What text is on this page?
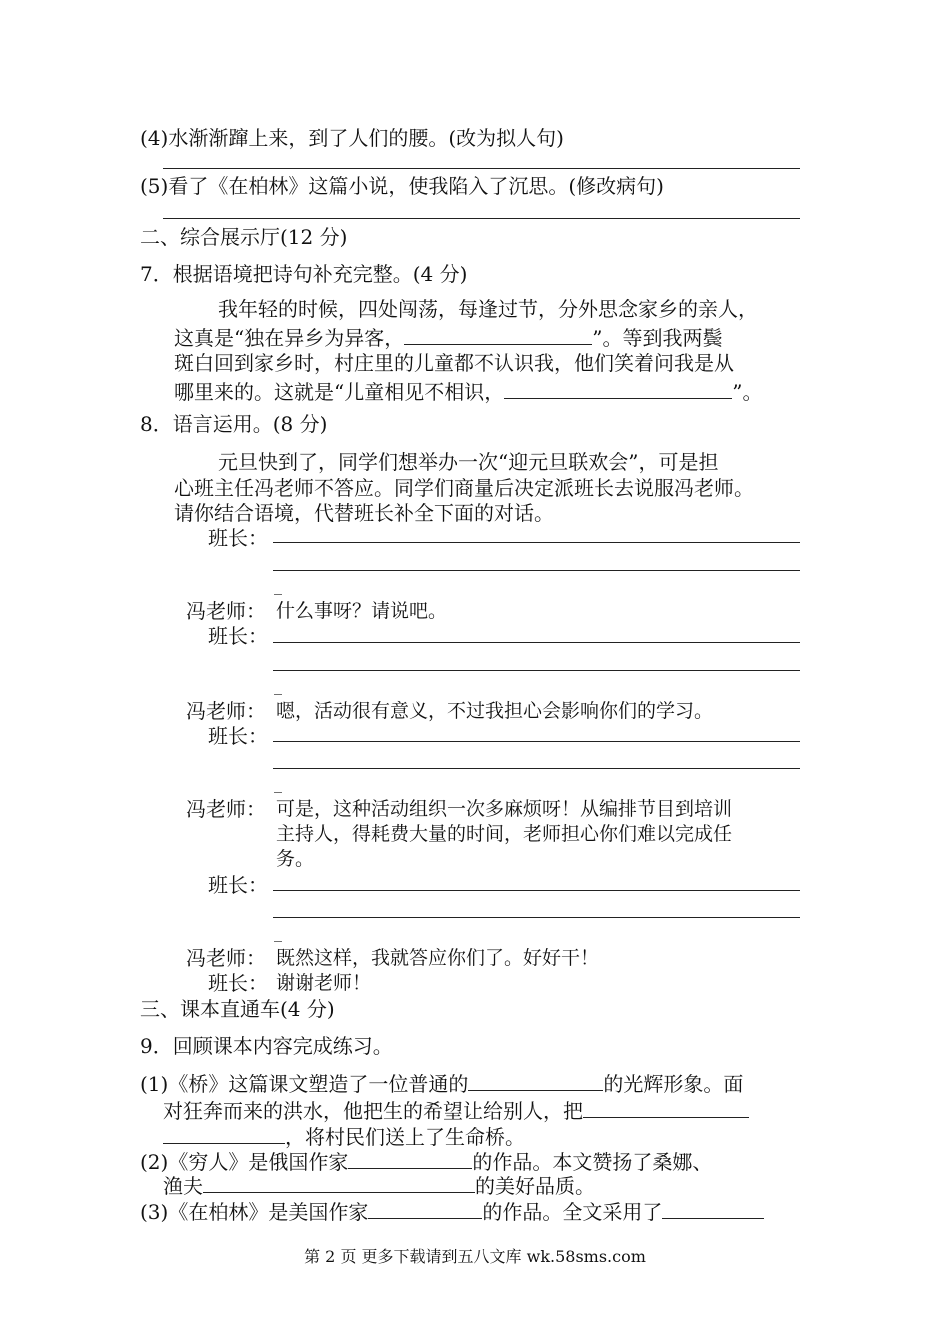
(4)水渐渐蹿上来，到了人们的腰。(改为拟人句)
(5)看了《在柏林》这篇小说，使我陷入了沉思。(修改病句)
二、综合展示厅(12 分)
7．根据语境把诗句补充完整。(4 分)
我年轻的时候，四处闯荡，每逢过节，分外思念家乡的亲人，
这真是“独在异乡为异客，	”。等到我两鬓
斑白回到家乡时，村庄里的儿童都不认识我，他们笑着问我是从
哪里来的。这就是“儿童相见不相识，	”。
8．语言运用。(8 分)
元旦快到了，同学们想举办一次“迎元旦联欢会”，可是担
心班主任冯老师不答应。同学们商量后决定派班长去说服冯老师。
请你结合语境，代替班长补全下面的对话。
班长：
_
冯老师： 什么事呀？请说吧。
班长：
_
冯老师： 嗯，活动很有意义，不过我担心会影响你们的学习。
班长：
_
冯老师： 可是，这种活动组织一次多麻烦呀！从编排节目到培训
主持人，得耗费大量的时间，老师担心你们难以完成任
务。
班长：
_
冯老师： 既然这样，我就答应你们了。好好干！
班长： 谢谢老师！
三、课本直通车(4 分)
9．回顾课本内容完成练习。
(1)《桥》这篇课文塑造了一位普通的	的光辉形象。面
对狂奔而来的洪水，他把生的希望让给别人，把
，将村民们送上了生命桥。
(2)《穷人》是俄国作家	的作品。本文赞扬了桑娜、
渔夫	的美好品质。
(3)《在柏林》是美国作家	的作品。全文采用了
第 2 页 更多下载请到五八文库 wk.58sms.com
